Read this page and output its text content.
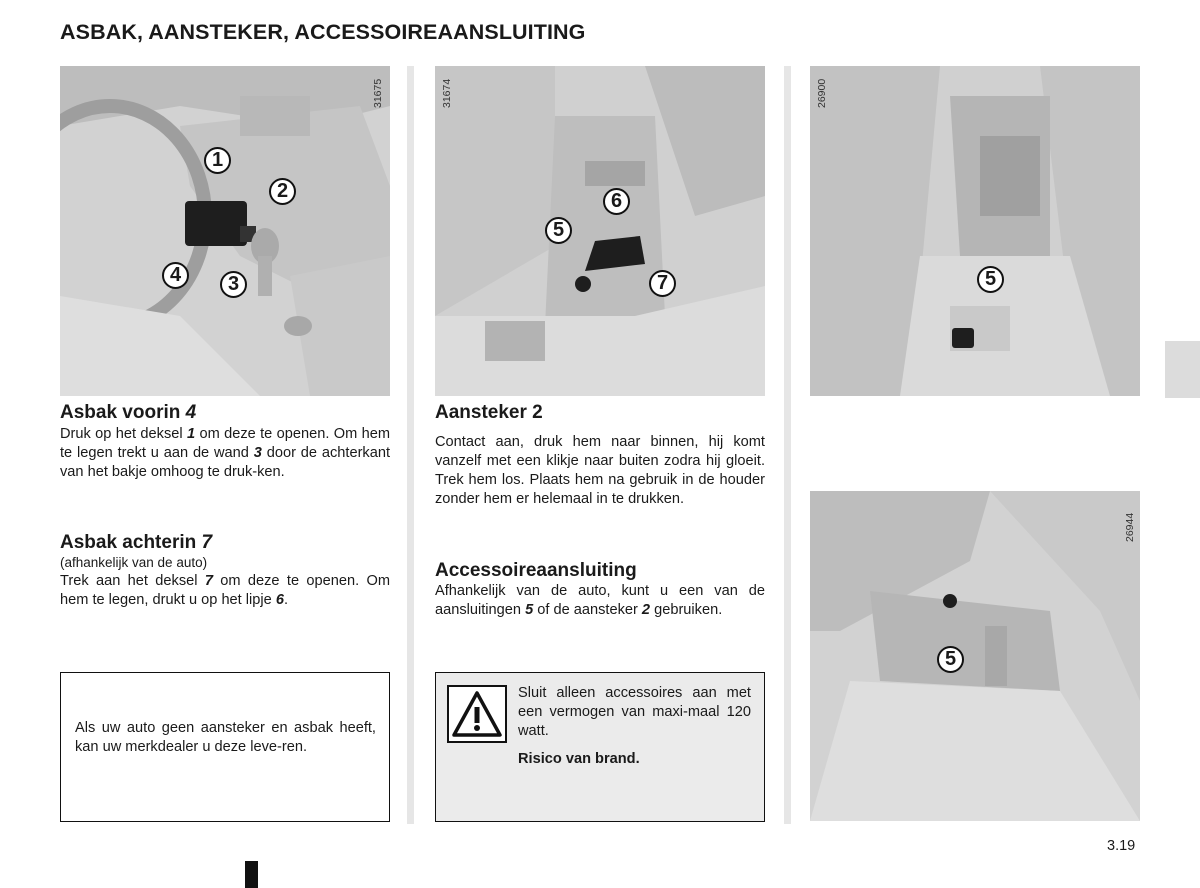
ASBAK, AANSTEKER, ACCESSOIREAANSLUITING
31675
1
2
3
4
31674
5
6
7
26900
5
26944
5
Asbak voorin 4
Druk op het deksel 1 om deze te openen. Om hem te legen trekt u aan de wand 3 door de achterkant van het bakje omhoog te druk-ken.
Asbak achterin 7
(afhankelijk van de auto)
Trek aan het deksel 7 om deze te openen. Om hem te legen, drukt u op het lipje 6.
Als uw auto geen aansteker en asbak heeft, kan uw merkdealer u deze leve-ren.
Aansteker 2
Contact aan, druk hem naar binnen, hij komt vanzelf met een klikje naar buiten zodra hij gloeit. Trek hem los. Plaats hem na gebruik in de houder zonder hem er helemaal in te drukken.
Accessoireaansluiting
Afhankelijk van de auto, kunt u een van de aansluitingen 5 of de aansteker 2 gebruiken.
Sluit alleen accessoires aan met een vermogen van maxi-maal 120 watt.
Risico van brand.
3.19
